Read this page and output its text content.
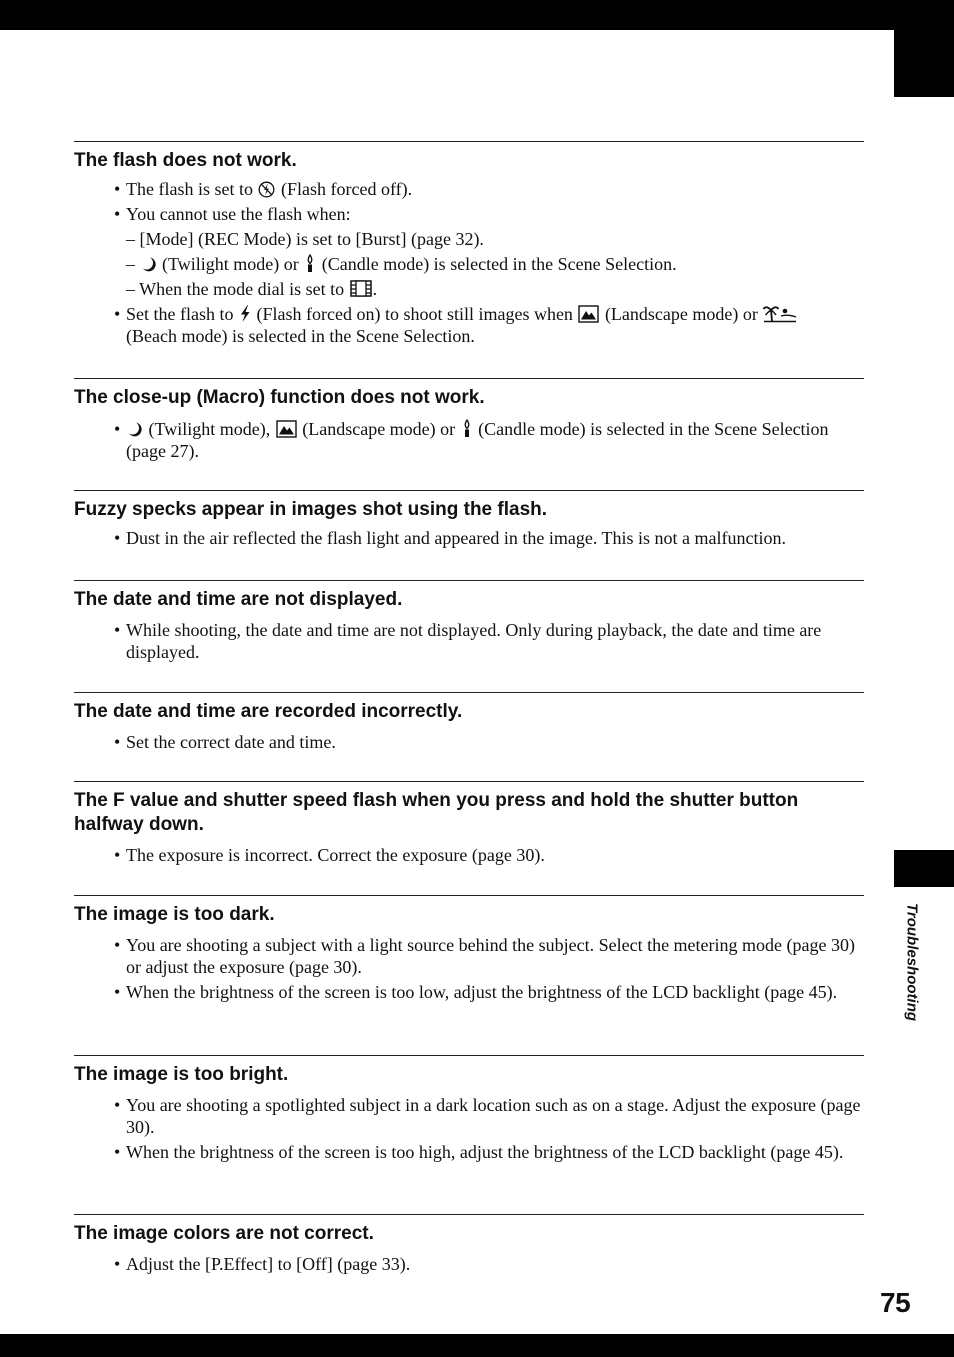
Troubleshooting
The flash does not work.
• The flash is set to (Flash forced off).
• You cannot use the flash when:
– [Mode] (REC Mode) is set to [Burst] (page 32).
– (Twilight mode) or (Candle mode) is selected in the Scene Selection.
– When the mode dial is set to .
• Set the flash to (Flash forced on) to shoot still images when (Landscape mode) or
(Beach mode) is selected in the Scene Selection.
The close-up (Macro) function does not work.
• (Twilight mode), (Landscape mode) or (Candle mode) is selected in the Scene Selection (page 27).
Fuzzy specks appear in images shot using the flash.
• Dust in the air reflected the flash light and appeared in the image. This is not a malfunction.
The date and time are not displayed.
• While shooting, the date and time are not displayed. Only during playback, the date and time are displayed.
The date and time are recorded incorrectly.
• Set the correct date and time.
The F value and shutter speed flash when you press and hold the shutter button halfway down.
• The exposure is incorrect. Correct the exposure (page 30).
The image is too dark.
• You are shooting a subject with a light source behind the subject. Select the metering mode (page 30) or adjust the exposure (page 30).
• When the brightness of the screen is too low, adjust the brightness of the LCD backlight (page 45).
The image is too bright.
• You are shooting a spotlighted subject in a dark location such as on a stage. Adjust the exposure (page 30).
• When the brightness of the screen is too high, adjust the brightness of the LCD backlight (page 45).
The image colors are not correct.
• Adjust the [P.Effect] to [Off] (page 33).
75
